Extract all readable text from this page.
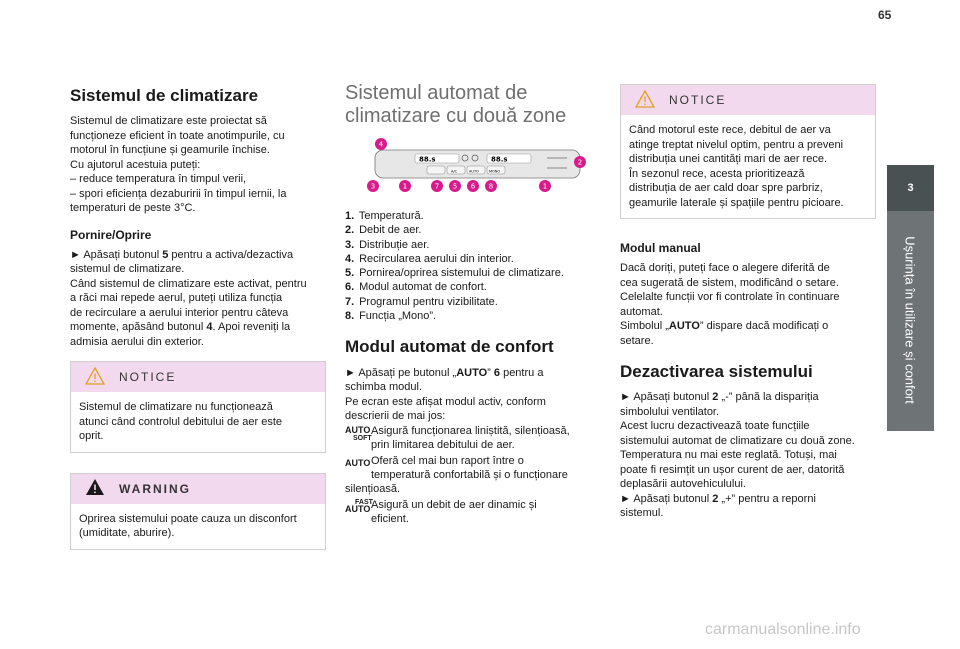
65
3
Ușurința în utilizare și confort
Sistemul de climatizare

Sistemul de climatizare este proiectat să
funcționeze eficient în toate anotimpurile, cu
motorul în funcțiune și geamurile închise.
Cu ajutorul acestuia puteți:
– reduce temperatura în timpul verii,
– spori eficiența dezaburirii în timpul iernii, la
temperaturi de peste 3°C.

Pornire/Oprire

► Apăsați butonul 5 pentru a activa/dezactiva
sistemul de climatizare.
Când sistemul de climatizare este activat, pentru
a răci mai repede aerul, puteți utiliza funcția
de recirculare a aerului interior pentru câteva
momente, apăsând butonul 4. Apoi reveniți la
admisia aerului din exterior.

NOTICE
Sistemul de climatizare nu funcționează
atunci când controlul debitului de aer este
oprit.
WARNING
Oprirea sistemului poate cauza un disconfort
(umiditate, aburire).
Sistemul automat de
climatizare cu două zone
88.s	88.s
A/C	AUTO	MONO
4
2
3	1	7 5 6 8	1
1. Temperatură.
2. Debit de aer.
3. Distribuție aer.
4. Recircularea aerului din interior.
5. Pornirea/oprirea sistemului de climatizare.
6. Modul automat de confort.
7. Programul pentru vizibilitate.
8. Funcția „Mono”.
Modul automat de confort

► Apăsați pe butonul „AUTO” 6 pentru a
schimba modul.
Pe ecran este afișat modul activ, conform
descrierii de mai jos:

AUTO
SOFT
Asigură funcționarea liniștită, silențioasă,
prin limitarea debitului de aer.
AUTO Oferă cel mai bun raport între o
temperatură confortabilă și o funcționare

silențioasă.

FAST
AUTO Asigură un debit de aer dinamic și
eficient.
NOTICE
Când motorul este rece, debitul de aer va
atinge treptat nivelul optim, pentru a preveni
distribuția unei cantități mari de aer rece.
În sezonul rece, acesta prioritizează
distribuția de aer cald doar spre parbriz,
geamurile laterale și spațiile pentru picioare.
Modul manual

Dacă doriți, puteți face o alegere diferită de
cea sugerată de sistem, modificând o setare.
Celelalte funcții vor fi controlate în continuare
automat.
Simbolul „AUTO” dispare dacă modificați o
setare.

Dezactivarea sistemului

► Apăsați butonul 2 „-” până la dispariția
simbolului ventilator.
Acest lucru dezactivează toate funcțiile
sistemului automat de climatizare cu două zone.
Temperatura nu mai este reglată. Totuși, mai
poate fi resimțit un ușor curent de aer, datorită
deplasării autovehiculului.
► Apăsați butonul 2 „+” pentru a reporni
sistemul.

carmanualsonline.info
